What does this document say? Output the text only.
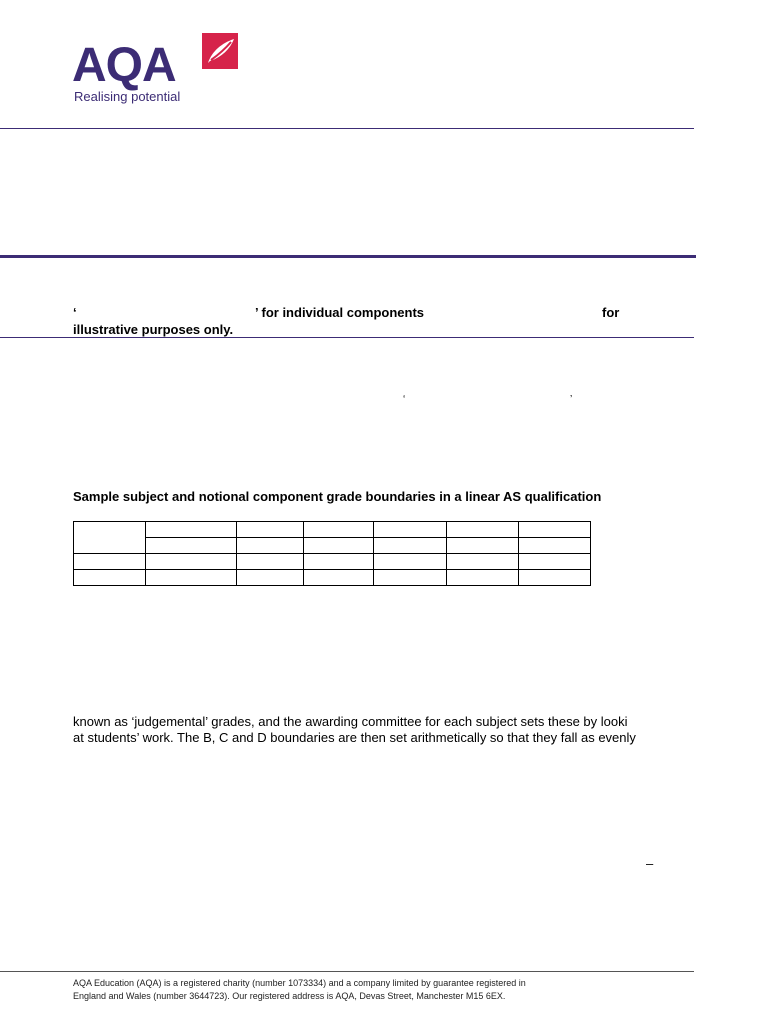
AQA
Realising potential
‘	’ for individual components	for
illustrative purposes only.
‘	’
Sample subject and notional component grade boundaries in a linear AS qualification

known as ‘judgemental’ grades, and the awarding committee for each subject sets these by looki
at students’ work. The B, C and D boundaries are then set arithmetically so that they fall as evenly
–
AQA Education (AQA) is a registered charity (number 1073334) and a company limited by guarantee registered in
England and Wales (number 3644723). Our registered address is AQA, Devas Street, Manchester M15 6EX.
